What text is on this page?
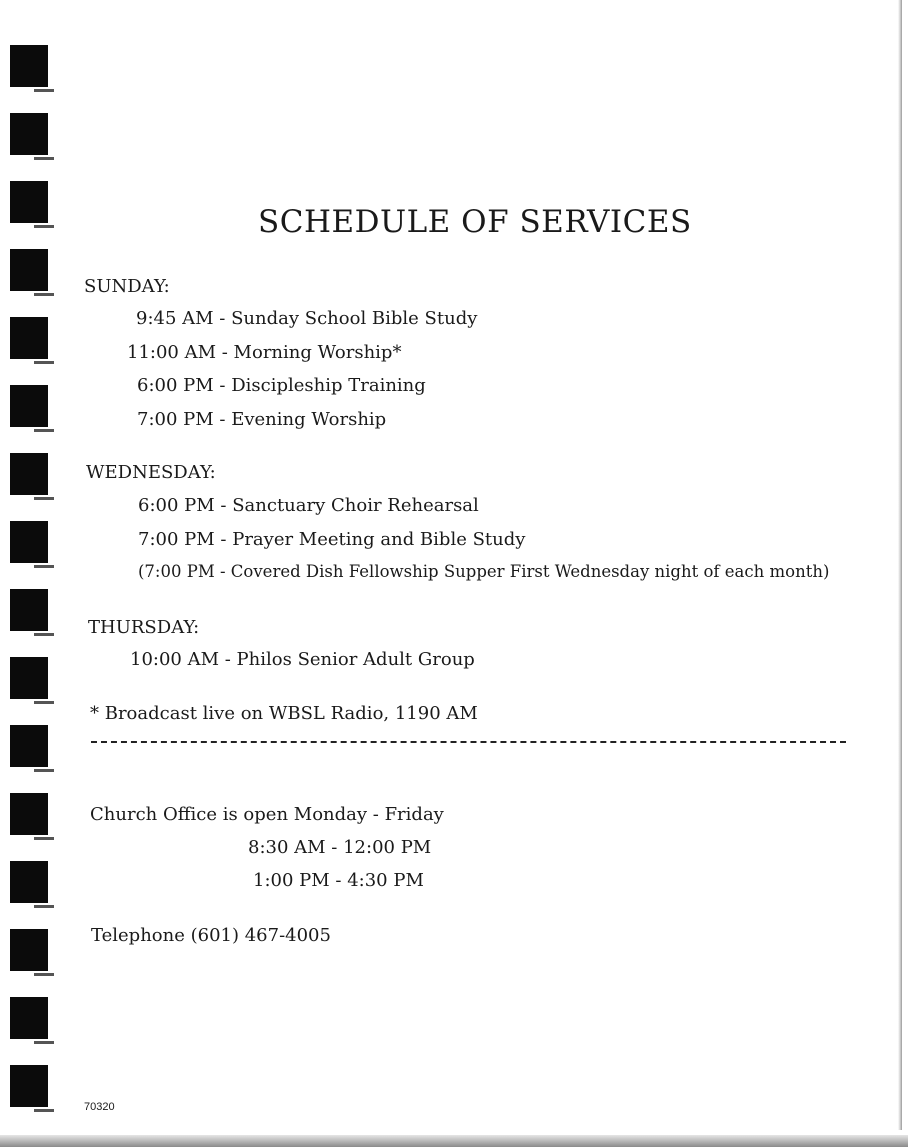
SCHEDULE OF SERVICES
SUNDAY:
9:45 AM - Sunday School Bible Study
11:00 AM - Morning Worship*
6:00 PM - Discipleship Training
7:00 PM - Evening Worship
WEDNESDAY:
6:00 PM - Sanctuary Choir Rehearsal
7:00 PM - Prayer Meeting and Bible Study
(7:00 PM - Covered Dish Fellowship Supper First Wednesday night of each month)
THURSDAY:
10:00 AM - Philos Senior Adult Group
* Broadcast live on WBSL Radio, 1190 AM
Church Office is open Monday - Friday
8:30 AM - 12:00 PM
1:00 PM - 4:30 PM
Telephone (601) 467-4005
70320
